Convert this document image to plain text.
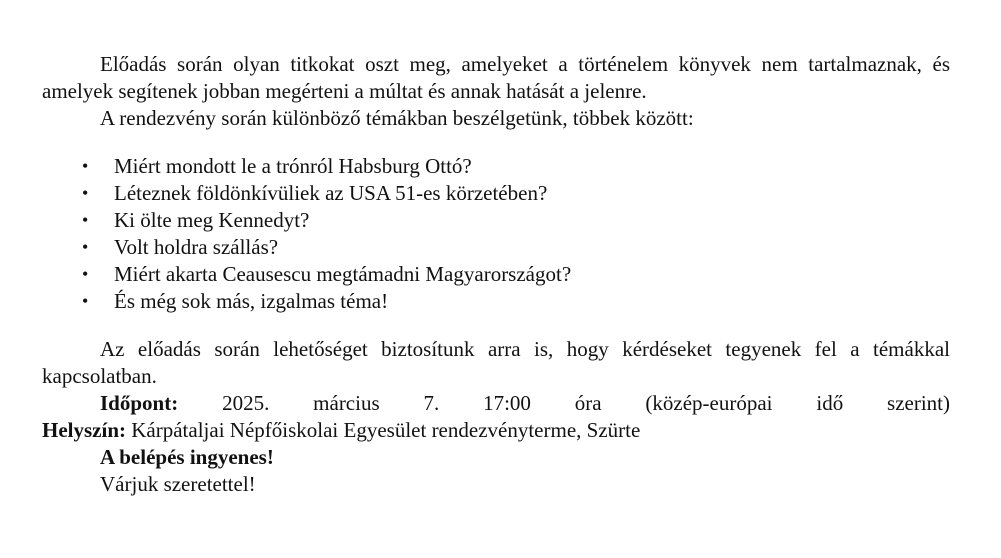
Előadás során olyan titkokat oszt meg, amelyeket a történelem könyvek nem tartalmaznak, és amelyek segítenek jobban megérteni a múltat és annak hatását a jelenre.

A rendezvény során különböző témákban beszélgetünk, többek között:

• Miért mondott le a trónról Habsburg Ottó?
• Léteznek földönkívüliek az USA 51-es körzetében?
• Ki ölte meg Kennedyt?
• Volt holdra szállás?
• Miért akarta Ceausescu megtámadni Magyarországot?
• És még sok más, izgalmas téma!

Az előadás során lehetőséget biztosítunk arra is, hogy kérdéseket tegyenek fel a témákkal kapcsolatban.

Időpont: 2025. március 7. 17:00 óra (közép-európai idő szerint)

Helyszín: Kárpátaljai Népfőiskolai Egyesület rendezvényterme, Szürte

A belépés ingyenes!

Várjuk szeretettel!
